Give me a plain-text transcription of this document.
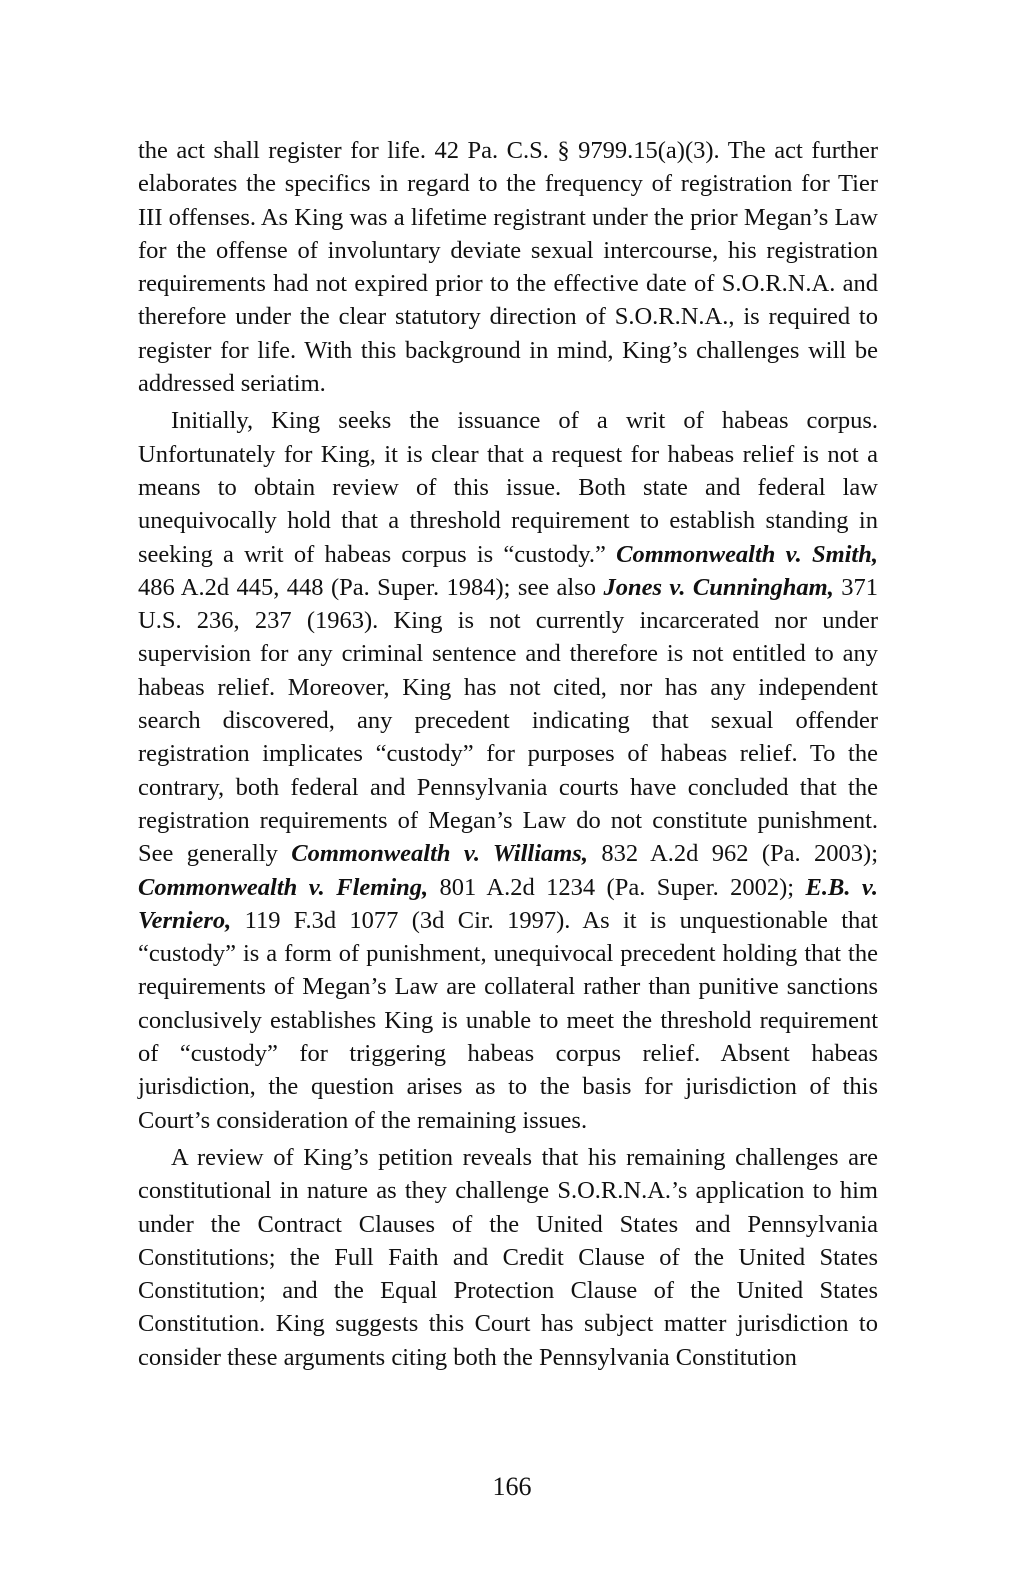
the act shall register for life. 42 Pa. C.S. § 9799.15(a)(3). The act further elaborates the specifics in regard to the frequency of registration for Tier III offenses. As King was a lifetime registrant under the prior Megan’s Law for the offense of involuntary deviate sexual intercourse, his registration requirements had not expired prior to the effective date of S.O.R.N.A. and therefore under the clear statutory direction of S.O.R.N.A., is required to register for life. With this background in mind, King’s challenges will be addressed seriatim.

Initially, King seeks the issuance of a writ of habeas corpus. Unfortunately for King, it is clear that a request for habeas relief is not a means to obtain review of this issue. Both state and federal law unequivocally hold that a threshold requirement to establish standing in seeking a writ of habeas corpus is “custody.” Commonwealth v. Smith, 486 A.2d 445, 448 (Pa. Super. 1984); see also Jones v. Cunningham, 371 U.S. 236, 237 (1963). King is not currently incarcerated nor under supervision for any criminal sentence and therefore is not entitled to any habeas relief. Moreover, King has not cited, nor has any independent search discovered, any precedent indicating that sexual offender registration implicates “custody” for purposes of habeas relief. To the contrary, both federal and Pennsylvania courts have concluded that the registration requirements of Megan’s Law do not constitute punishment. See generally Commonwealth v. Williams, 832 A.2d 962 (Pa. 2003); Commonwealth v. Fleming, 801 A.2d 1234 (Pa. Super. 2002); E.B. v. Verniero, 119 F.3d 1077 (3d Cir. 1997). As it is unquestionable that “custody” is a form of punishment, unequivocal precedent holding that the requirements of Megan’s Law are collateral rather than punitive sanctions conclusively establishes King is unable to meet the threshold requirement of “custody” for triggering habeas corpus relief. Absent habeas jurisdiction, the question arises as to the basis for jurisdiction of this Court’s consideration of the remaining issues.

A review of King’s petition reveals that his remaining challenges are constitutional in nature as they challenge S.O.R.N.A.’s application to him under the Contract Clauses of the United States and Pennsylvania Constitutions; the Full Faith and Credit Clause of the United States Constitution; and the Equal Protection Clause of the United States Constitution. King suggests this Court has subject matter jurisdiction to consider these arguments citing both the Pennsylvania Constitution

166
